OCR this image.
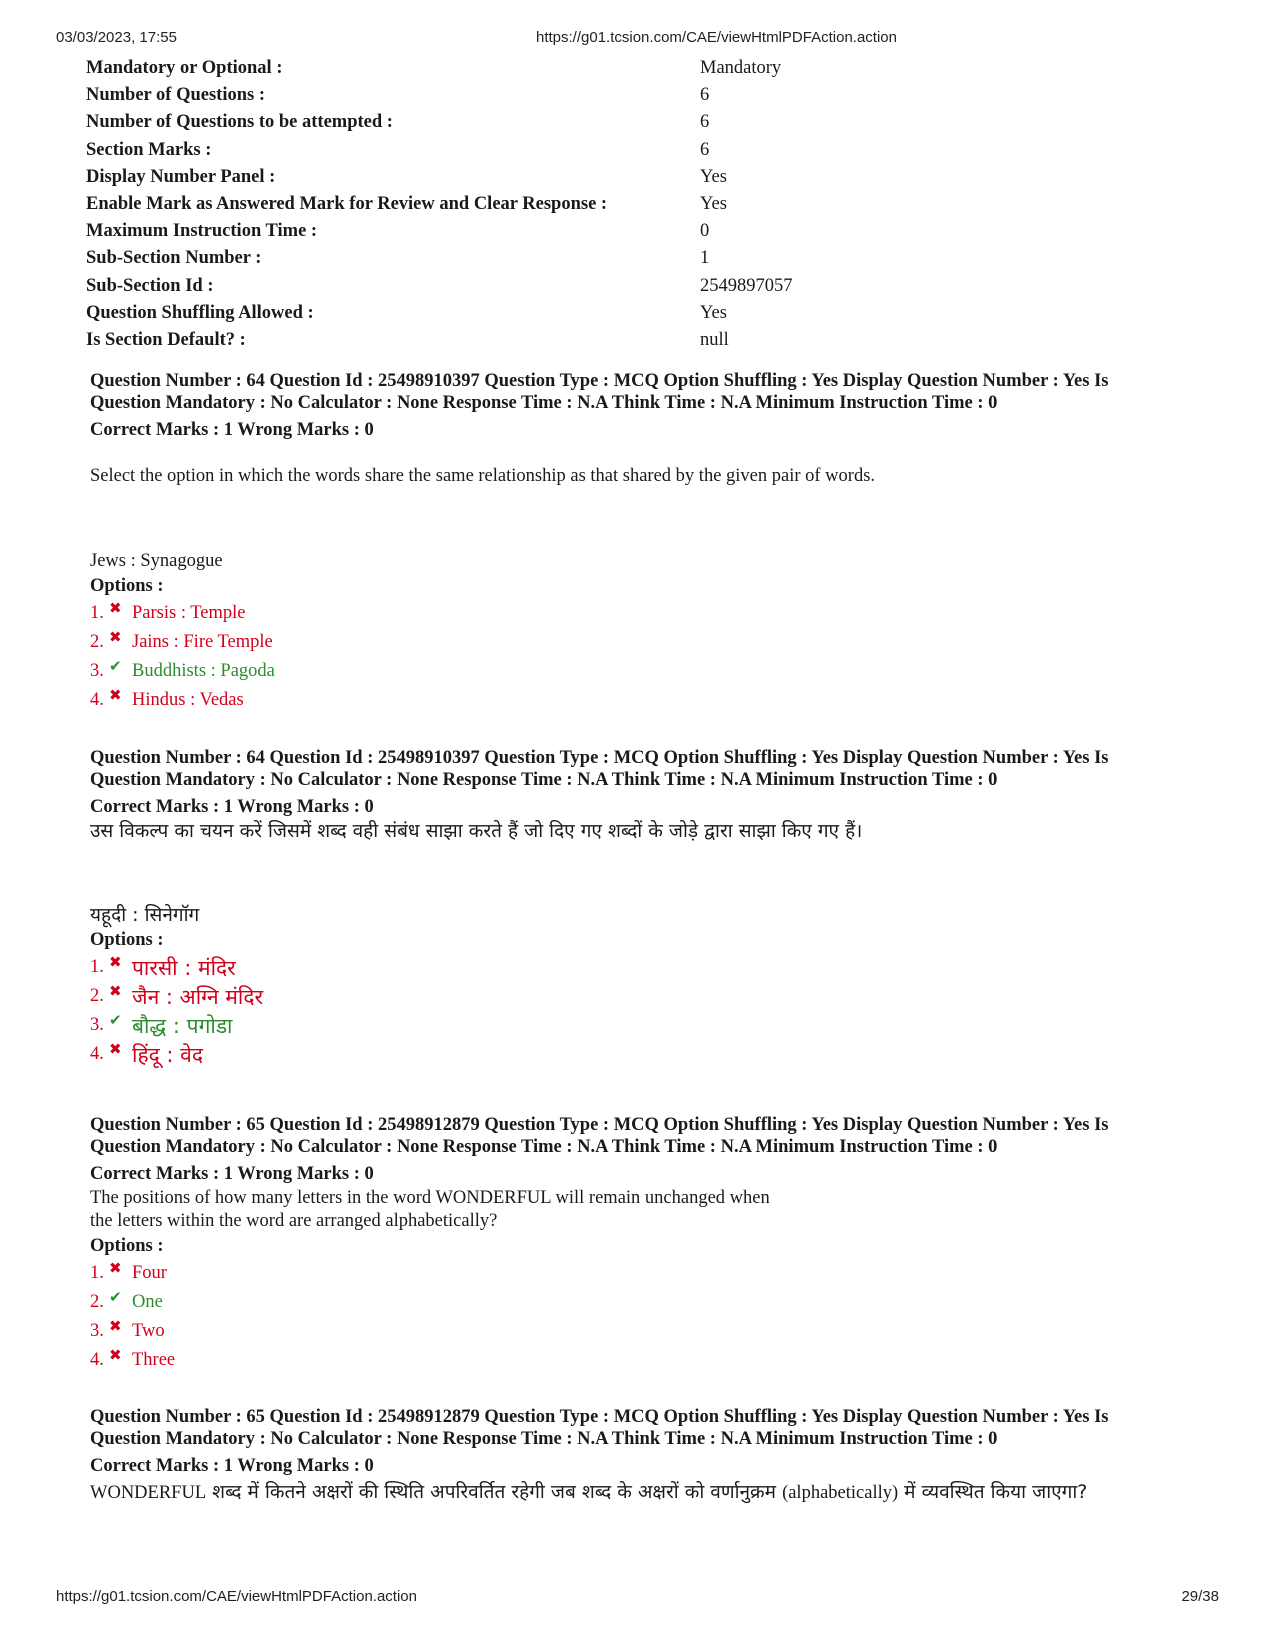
03/03/2023, 17:55	https://g01.tcsion.com/CAE/viewHtmlPDFAction.action
Mandatory or Optional :	Mandatory
Number of Questions :	6
Number of Questions to be attempted :	6
Section Marks :	6
Display Number Panel :	Yes
Enable Mark as Answered Mark for Review and Clear Response :	Yes
Maximum Instruction Time :	0
Sub-Section Number :	1
Sub-Section Id :	2549897057
Question Shuffling Allowed :	Yes
Is Section Default? :	null
Question Number : 64 Question Id : 25498910397 Question Type : MCQ Option Shuffling : Yes Display Question Number : Yes Is
Question Mandatory : No Calculator : None Response Time : N.A Think Time : N.A Minimum Instruction Time : 0
Correct Marks : 1 Wrong Marks : 0
Select the option in which the words share the same relationship as that shared by the given pair of words.
Jews : Synagogue
Options :
1. ✖ Parsis : Temple
2. ✖ Jains : Fire Temple
3. ✔ Buddhists : Pagoda
4. ✖ Hindus : Vedas
Question Number : 64 Question Id : 25498910397 Question Type : MCQ Option Shuffling : Yes Display Question Number : Yes Is
Question Mandatory : No Calculator : None Response Time : N.A Think Time : N.A Minimum Instruction Time : 0
Correct Marks : 1 Wrong Marks : 0
उस विकल्प का चयन करें जिसमें शब्द वही संबंध साझा करते हैं जो दिए गए शब्दों के जोड़े द्वारा साझा किए गए हैं।
यहूदी : सिनेगॉग
Options :
1. ✖ पारसी : मंदिर
2. ✖ जैन : अग्नि मंदिर
3. ✔ बौद्ध : पगोडा
4. ✖ हिंदू : वेद
Question Number : 65 Question Id : 25498912879 Question Type : MCQ Option Shuffling : Yes Display Question Number : Yes Is
Question Mandatory : No Calculator : None Response Time : N.A Think Time : N.A Minimum Instruction Time : 0
Correct Marks : 1 Wrong Marks : 0
The positions of how many letters in the word WONDERFUL will remain unchanged when
the letters within the word are arranged alphabetically?
Options :
1. ✖ Four
2. ✔ One
3. ✖ Two
4. ✖ Three
Question Number : 65 Question Id : 25498912879 Question Type : MCQ Option Shuffling : Yes Display Question Number : Yes Is
Question Mandatory : No Calculator : None Response Time : N.A Think Time : N.A Minimum Instruction Time : 0
Correct Marks : 1 Wrong Marks : 0
WONDERFUL शब्द में कितने अक्षरों की स्थिति अपरिवर्तित रहेगी जब शब्द के अक्षरों को वर्णानुक्रम (alphabetically) में व्यवस्थित किया जाएगा?
https://g01.tcsion.com/CAE/viewHtmlPDFAction.action	29/38
